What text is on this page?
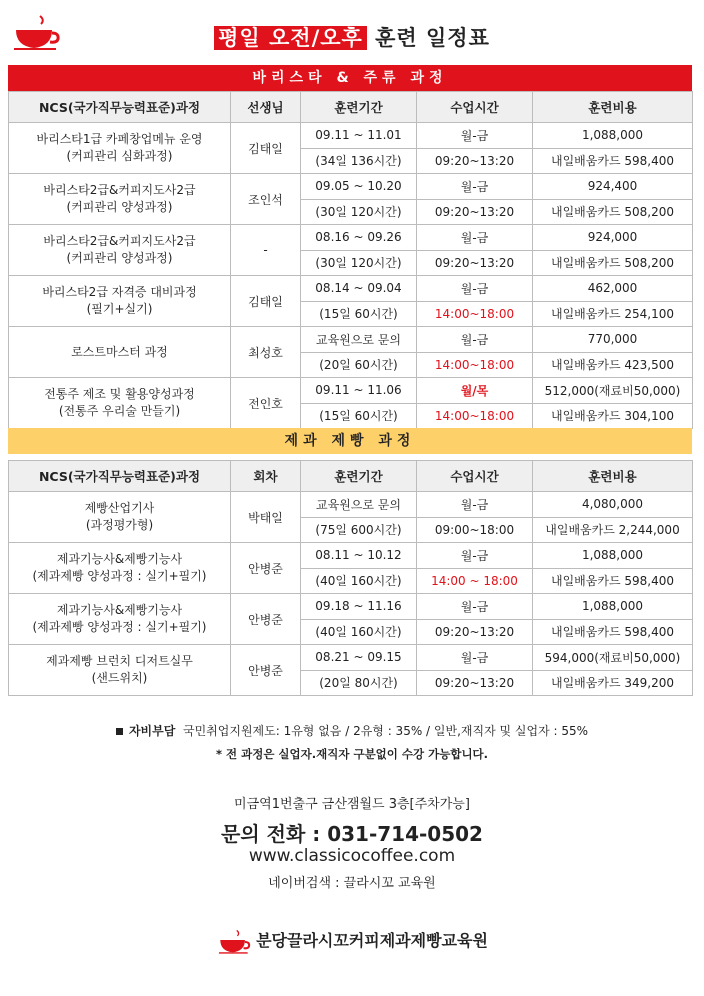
평일 오전/오후 훈련 일정표
바리스타 & 주류 과정
NCS(국가직무능력표준)과정	선생님	훈련기간	수업시간	훈련비용

바리스타1급 카페창업메뉴 운영
(커피관리 심화과정)	김태일	09.11 ~ 11.01	월-금	1,088,000
		(34일 136시간)	09:20~13:20	내일배움카드 598,400

바리스타2급&커피지도사2급
(커피관리 양성과정)	조인석	09.05 ~ 10.20	월-금	924,400
		(30일 120시간)	09:20~13:20	내일배움카드 508,200

바리스타2급&커피지도사2급
(커피관리 양성과정)	-	08.16 ~ 09.26	월-금	924,000
		(30일 120시간)	09:20~13:20	내일배움카드 508,200

바리스타2급 자격증 대비과정
(필기+실기)	김태일	08.14 ~ 09.04	월-금	462,000
		(15일 60시간)	14:00~18:00	내일배움카드 254,100

로스트마스터 과정	최성호	교육원으로 문의	월-금	770,000
		(20일 60시간)	14:00~18:00	내일배움카드 423,500

전통주 제조 및 활용양성과정
(전통주 우리술 만들기)	전인호	09.11 ~ 11.06	월/목	512,000(재료비50,000)
		(15일 60시간)	14:00~18:00	내일배움카드 304,100
제과 제빵 과정
NCS(국가직무능력표준)과정	회차	훈련기간	수업시간	훈련비용

제빵산업기사
(과정평가형)	박태일	교육원으로 문의	월-금	4,080,000
		(75일 600시간)	09:00~18:00	내일배움카드 2,244,000

제과기능사&제빵기능사
(제과제빵 양성과정 : 실기+필기)	안병준	08.11 ~ 10.12	월-금	1,088,000
		(40일 160시간)	14:00 ~ 18:00	내일배움카드 598,400

제과기능사&제빵기능사
(제과제빵 양성과정 : 실기+필기)	안병준	09.18 ~ 11.16	월-금	1,088,000
		(40일 160시간)	09:20~13:20	내일배움카드 598,400

제과제빵 브런치 디저트실무
(샌드위치)	안병준	08.21 ~ 09.15	월-금	594,000(재료비50,000)
		(20일 80시간)	09:20~13:20	내일배움카드 349,200
자비부담 국민취업지원제도: 1유형 없음 / 2유형 : 35% / 일반,재직자 및 실업자 : 55%
* 전 과정은 실업자.재직자 구분없이 수강 가능합니다.
미금역1번출구 금산잼월드 3층[주차가능]
문의 전화 : 031-714-0502
www.classicocoffee.com
네이버검색 : 끌라시꼬 교육원
분당끌라시꼬커피제과제빵교육원
